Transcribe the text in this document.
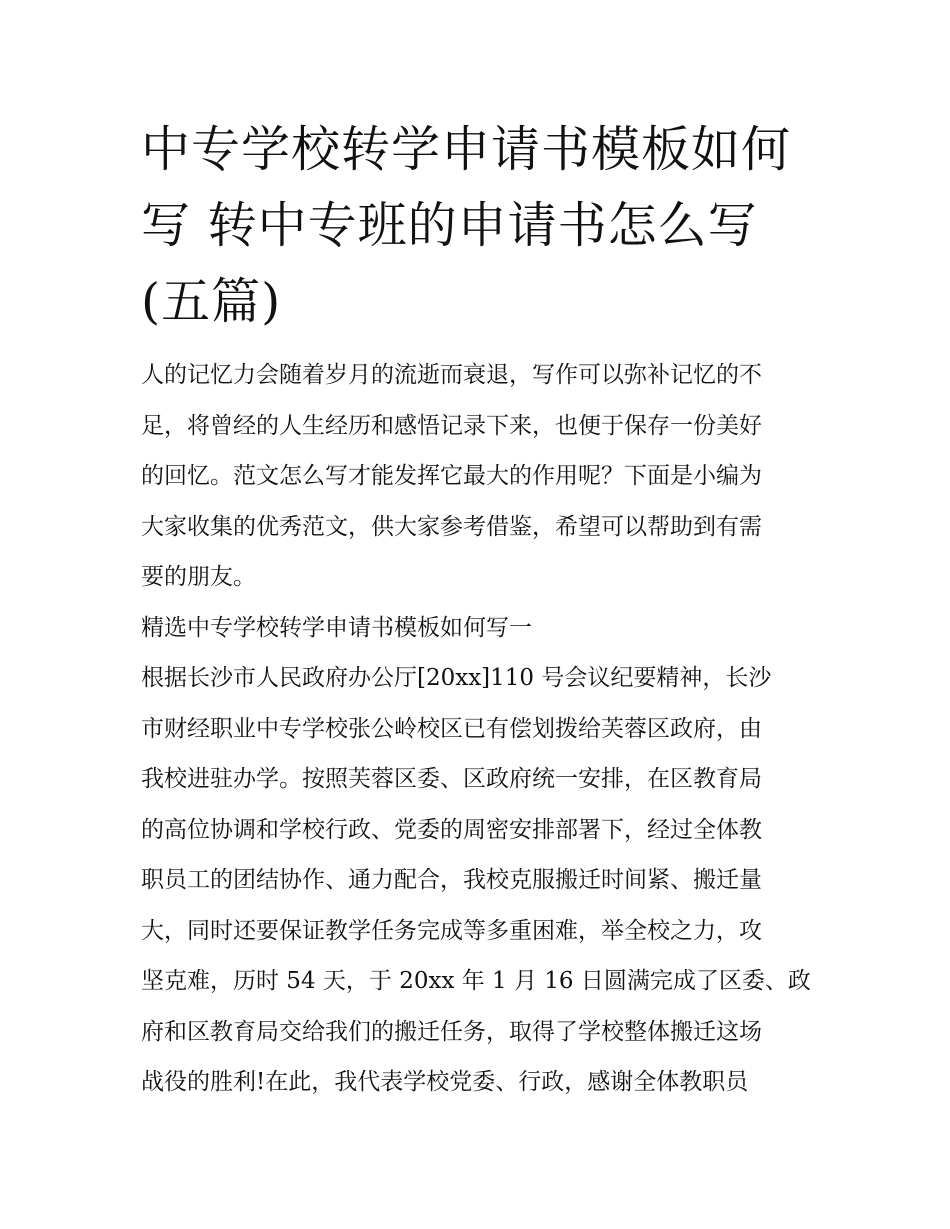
中专学校转学申请书模板如何
写 转中专班的申请书怎么写
(五篇)
人的记忆力会随着岁月的流逝而衰退，写作可以弥补记忆的不
足，将曾经的人生经历和感悟记录下来，也便于保存一份美好
的回忆。范文怎么写才能发挥它最大的作用呢？下面是小编为
大家收集的优秀范文，供大家参考借鉴，希望可以帮助到有需
要的朋友。
精选中专学校转学申请书模板如何写一
根据长沙市人民政府办公厅[20xx]110 号会议纪要精神，长沙
市财经职业中专学校张公岭校区已有偿划拨给芙蓉区政府，由
我校进驻办学。按照芙蓉区委、区政府统一安排，在区教育局
的高位协调和学校行政、党委的周密安排部署下，经过全体教
职员工的团结协作、通力配合，我校克服搬迁时间紧、搬迁量
大，同时还要保证教学任务完成等多重困难，举全校之力，攻
坚克难，历时 54 天，于 20xx 年 1 月 16 日圆满完成了区委、政
府和区教育局交给我们的搬迁任务，取得了学校整体搬迁这场
战役的胜利!在此，我代表学校党委、行政，感谢全体教职员
